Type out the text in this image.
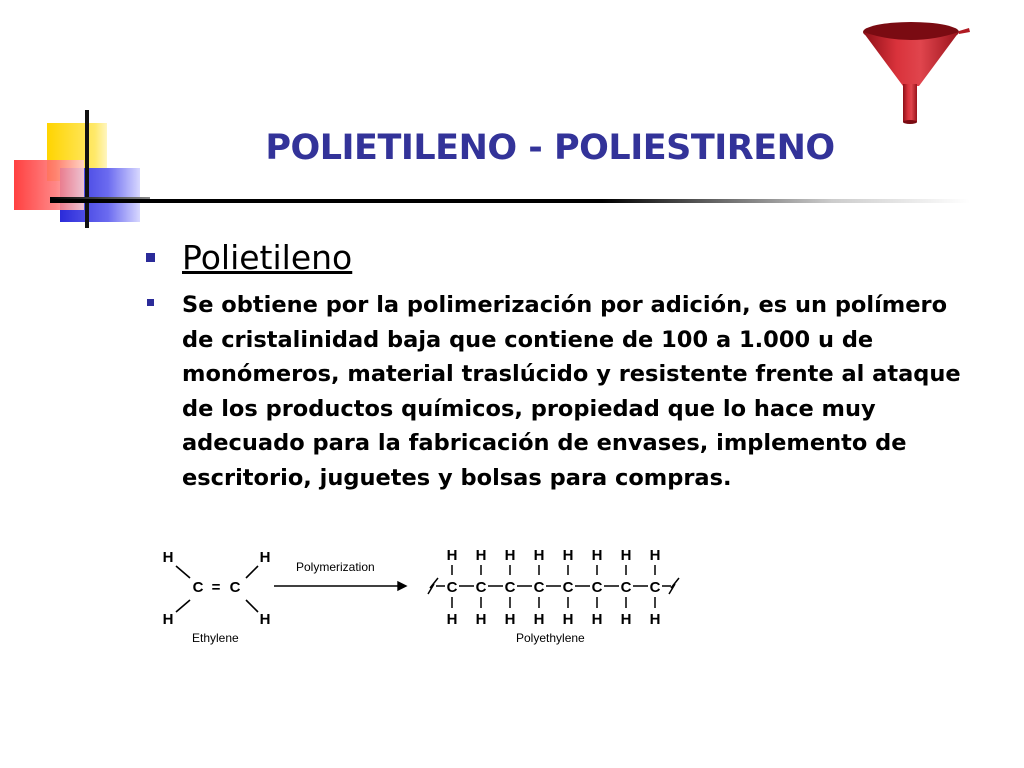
POLIETILENO - POLIESTIRENO
Polietileno
Se obtiene por la polimerización por adición, es un polímero de cristalinidad baja que contiene de 100 a 1.000 u de monómeros, material traslúcido y resistente frente al ataque de los productos químicos, propiedad que lo hace muy adecuado para la fabricación de envases, implemento de escritorio, juguetes y bolsas para compras.
H	H
C = C
H	H
Ethylene
Polymerization
C
H
H
C
H
H
C
H
H
C
H
H
C
H
H
C
H
H
C
H
H
C
H
H
Polyethylene
